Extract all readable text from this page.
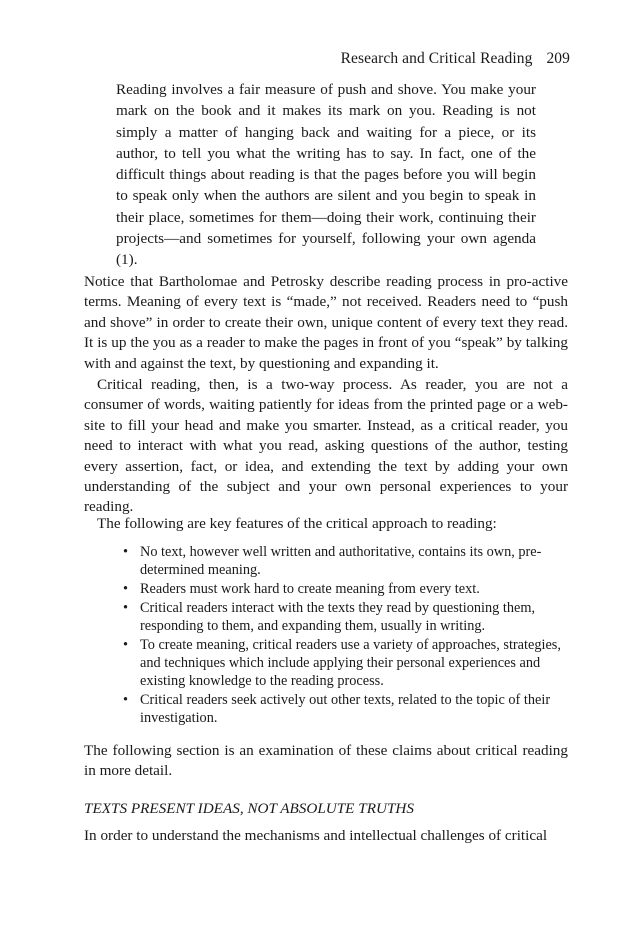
Research and Critical Reading 209

Reading involves a fair measure of push and shove. You make your mark on the book and it makes its mark on you. Reading is not simply a matter of hanging back and waiting for a piece, or its author, to tell you what the writing has to say. In fact, one of the difficult things about reading is that the pages before you will begin to speak only when the authors are silent and you begin to speak in their place, sometimes for them—doing their work, continuing their projects—and sometimes for yourself, following your own agenda (1).

Notice that Bartholomae and Petrosky describe reading process in pro-active terms. Meaning of every text is “made,” not received. Readers need to “push and shove” in order to create their own, unique content of every text they read. It is up the you as a reader to make the pages in front of you “speak” by talking with and against the text, by questioning and expanding it.

Critical reading, then, is a two-way process. As reader, you are not a consumer of words, waiting patiently for ideas from the printed page or a web-site to fill your head and make you smarter. Instead, as a critical reader, you need to interact with what you read, asking questions of the author, testing every assertion, fact, or idea, and extending the text by adding your own understanding of the subject and your own personal experiences to your reading.

The following are key features of the critical approach to reading:

• No text, however well written and authoritative, contains its own, pre-determined meaning.
• Readers must work hard to create meaning from every text.
• Critical readers interact with the texts they read by questioning them, responding to them, and expanding them, usually in writing.
• To create meaning, critical readers use a variety of approaches, strategies, and techniques which include applying their personal experiences and existing knowledge to the reading process.
• Critical readers seek actively out other texts, related to the topic of their investigation.

The following section is an examination of these claims about critical reading in more detail.

TEXTS PRESENT IDEAS, NOT ABSOLUTE TRUTHS

In order to understand the mechanisms and intellectual challenges of critical
